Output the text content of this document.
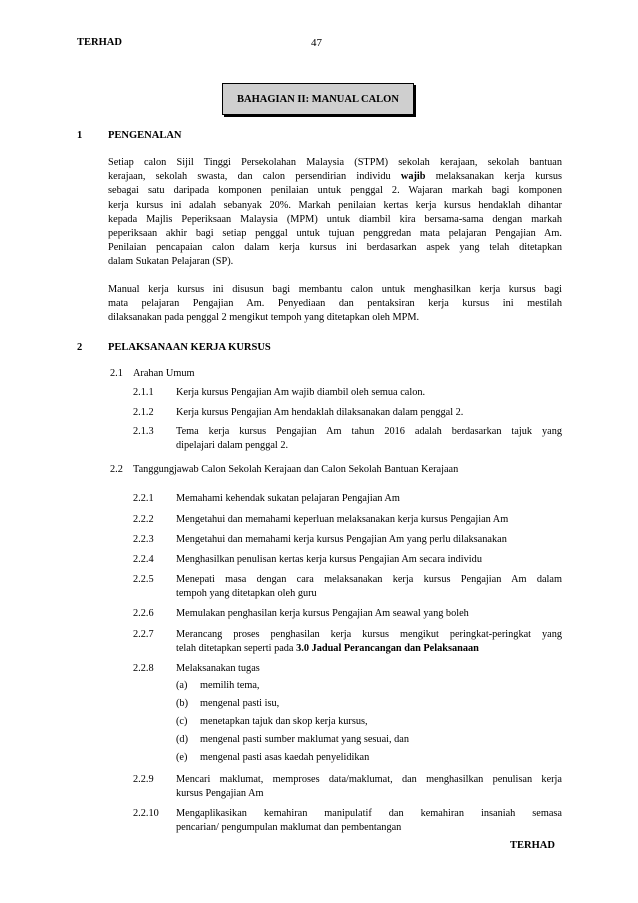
TERHAD	47
BAHAGIAN II: MANUAL CALON
1 PENGENALAN
Setiap calon Sijil Tinggi Persekolahan Malaysia (STPM) sekolah kerajaan, sekolah bantuan
kerajaan, sekolah swasta, dan calon persendirian individu wajib melaksanakan kerja kursus
sebagai satu daripada komponen penilaian untuk penggal 2. Wajaran markah bagi komponen
kerja kursus ini adalah sebanyak 20%. Markah penilaian kertas kerja kursus hendaklah dihantar
kepada Majlis Peperiksaan Malaysia (MPM) untuk diambil kira bersama-sama dengan markah
peperiksaan akhir bagi setiap penggal untuk tujuan penggredan mata pelajaran Pengajian Am.
Penilaian pencapaian calon dalam kerja kursus ini berdasarkan aspek yang telah ditetapkan
dalam Sukatan Pelajaran (SP).
Manual kerja kursus ini disusun bagi membantu calon untuk menghasilkan kerja kursus bagi
mata pelajaran Pengajian Am. Penyediaan dan pentaksiran kerja kursus ini mestilah
dilaksanakan pada penggal 2 mengikut tempoh yang ditetapkan oleh MPM.
2 PELAKSANAAN KERJA KURSUS
2.1 Arahan Umum
2.1.1 Kerja kursus Pengajian Am wajib diambil oleh semua calon.
2.1.2 Kerja kursus Pengajian Am hendaklah dilaksanakan dalam penggal 2.
2.1.3 Tema kerja kursus Pengajian Am tahun 2016 adalah berdasarkan tajuk yang
dipelajari dalam penggal 2.
2.2 Tanggungjawab Calon Sekolah Kerajaan dan Calon Sekolah Bantuan Kerajaan
2.2.1 Memahami kehendak sukatan pelajaran Pengajian Am
2.2.2 Mengetahui dan memahami keperluan melaksanakan kerja kursus Pengajian Am
2.2.3 Mengetahui dan memahami kerja kursus Pengajian Am yang perlu dilaksanakan
2.2.4 Menghasilkan penulisan kertas kerja kursus Pengajian Am secara individu
2.2.5 Menepati masa dengan cara melaksanakan kerja kursus Pengajian Am dalam
tempoh yang ditetapkan oleh guru
2.2.6 Memulakan penghasilan kerja kursus Pengajian Am seawal yang boleh
2.2.7 Merancang proses penghasilan kerja kursus mengikut peringkat-peringkat yang
telah ditetapkan seperti pada 3.0 Jadual Perancangan dan Pelaksanaan
2.2.8 Melaksanakan tugas
(a) memilih tema,
(b) mengenal pasti isu,
(c) menetapkan tajuk dan skop kerja kursus,
(d) mengenal pasti sumber maklumat yang sesuai, dan
(e) mengenal pasti asas kaedah penyelidikan
2.2.9 Mencari maklumat, memproses data/maklumat, dan menghasilkan penulisan kerja
kursus Pengajian Am
2.2.10 Mengaplikasikan kemahiran manipulatif dan kemahiran insaniah semasa
pencarian/ pengumpulan maklumat dan pembentangan
TERHAD
